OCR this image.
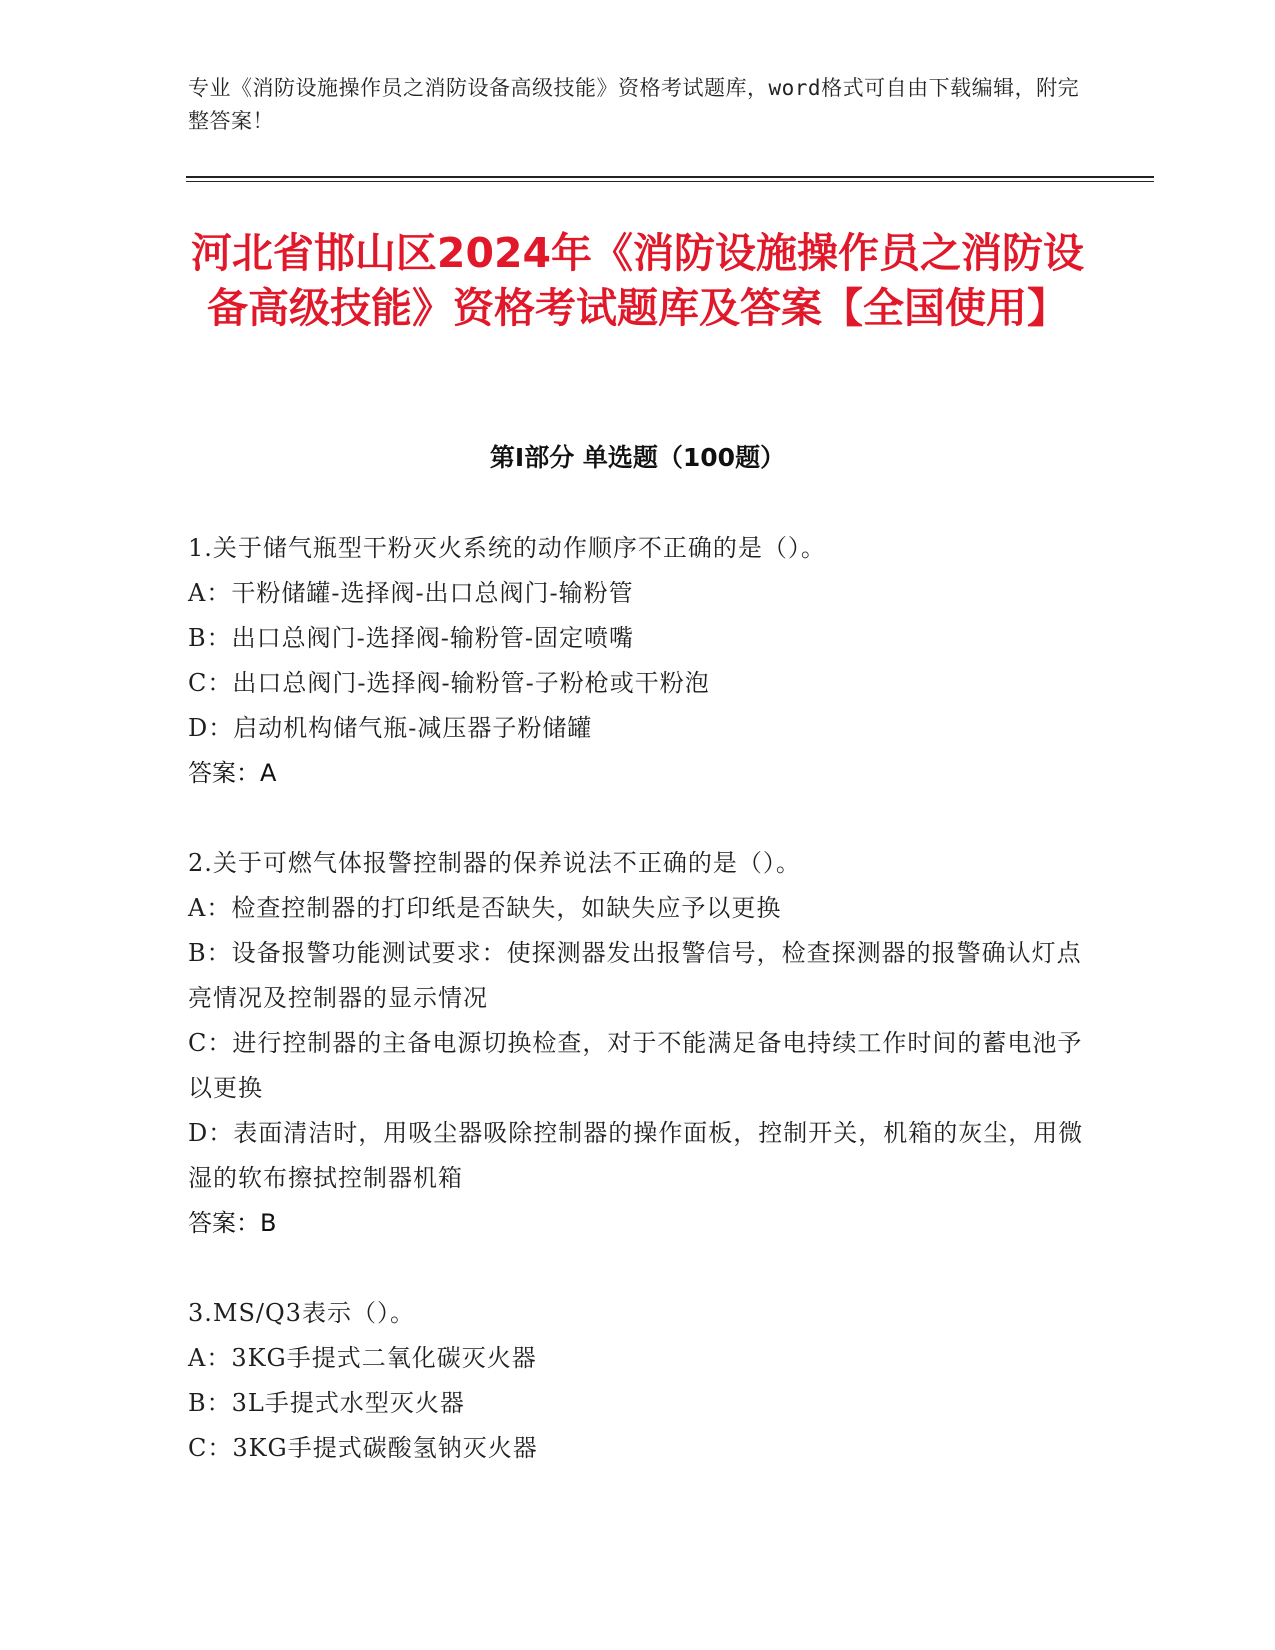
专业《消防设施操作员之消防设备高级技能》资格考试题库，word格式可自由下载编辑，附完整答案！
河北省邯山区2024年《消防设施操作员之消防设备高级技能》资格考试题库及答案【全国使用】
第I部分 单选题（100题）
1.关于储气瓶型干粉灭火系统的动作顺序不正确的是（）。
A：干粉储罐-选择阀-出口总阀门-输粉管
B：出口总阀门-选择阀-输粉管-固定喷嘴
C：出口总阀门-选择阀-输粉管-子粉枪或干粉泡
D：启动机构储气瓶-减压器子粉储罐
答案：A
2.关于可燃气体报警控制器的保养说法不正确的是（）。
A：检查控制器的打印纸是否缺失，如缺失应予以更换
B：设备报警功能测试要求：使探测器发出报警信号，检查探测器的报警确认灯点亮情况及控制器的显示情况
C：进行控制器的主备电源切换检查，对于不能满足备电持续工作时间的蓄电池予以更换
D：表面清洁时，用吸尘器吸除控制器的操作面板，控制开关，机箱的灰尘，用微湿的软布擦拭控制器机箱
答案：B
3.MS/Q3表示（）。
A：3KG手提式二氧化碳灭火器
B：3L手提式水型灭火器
C：3KG手提式碳酸氢钠灭火器
